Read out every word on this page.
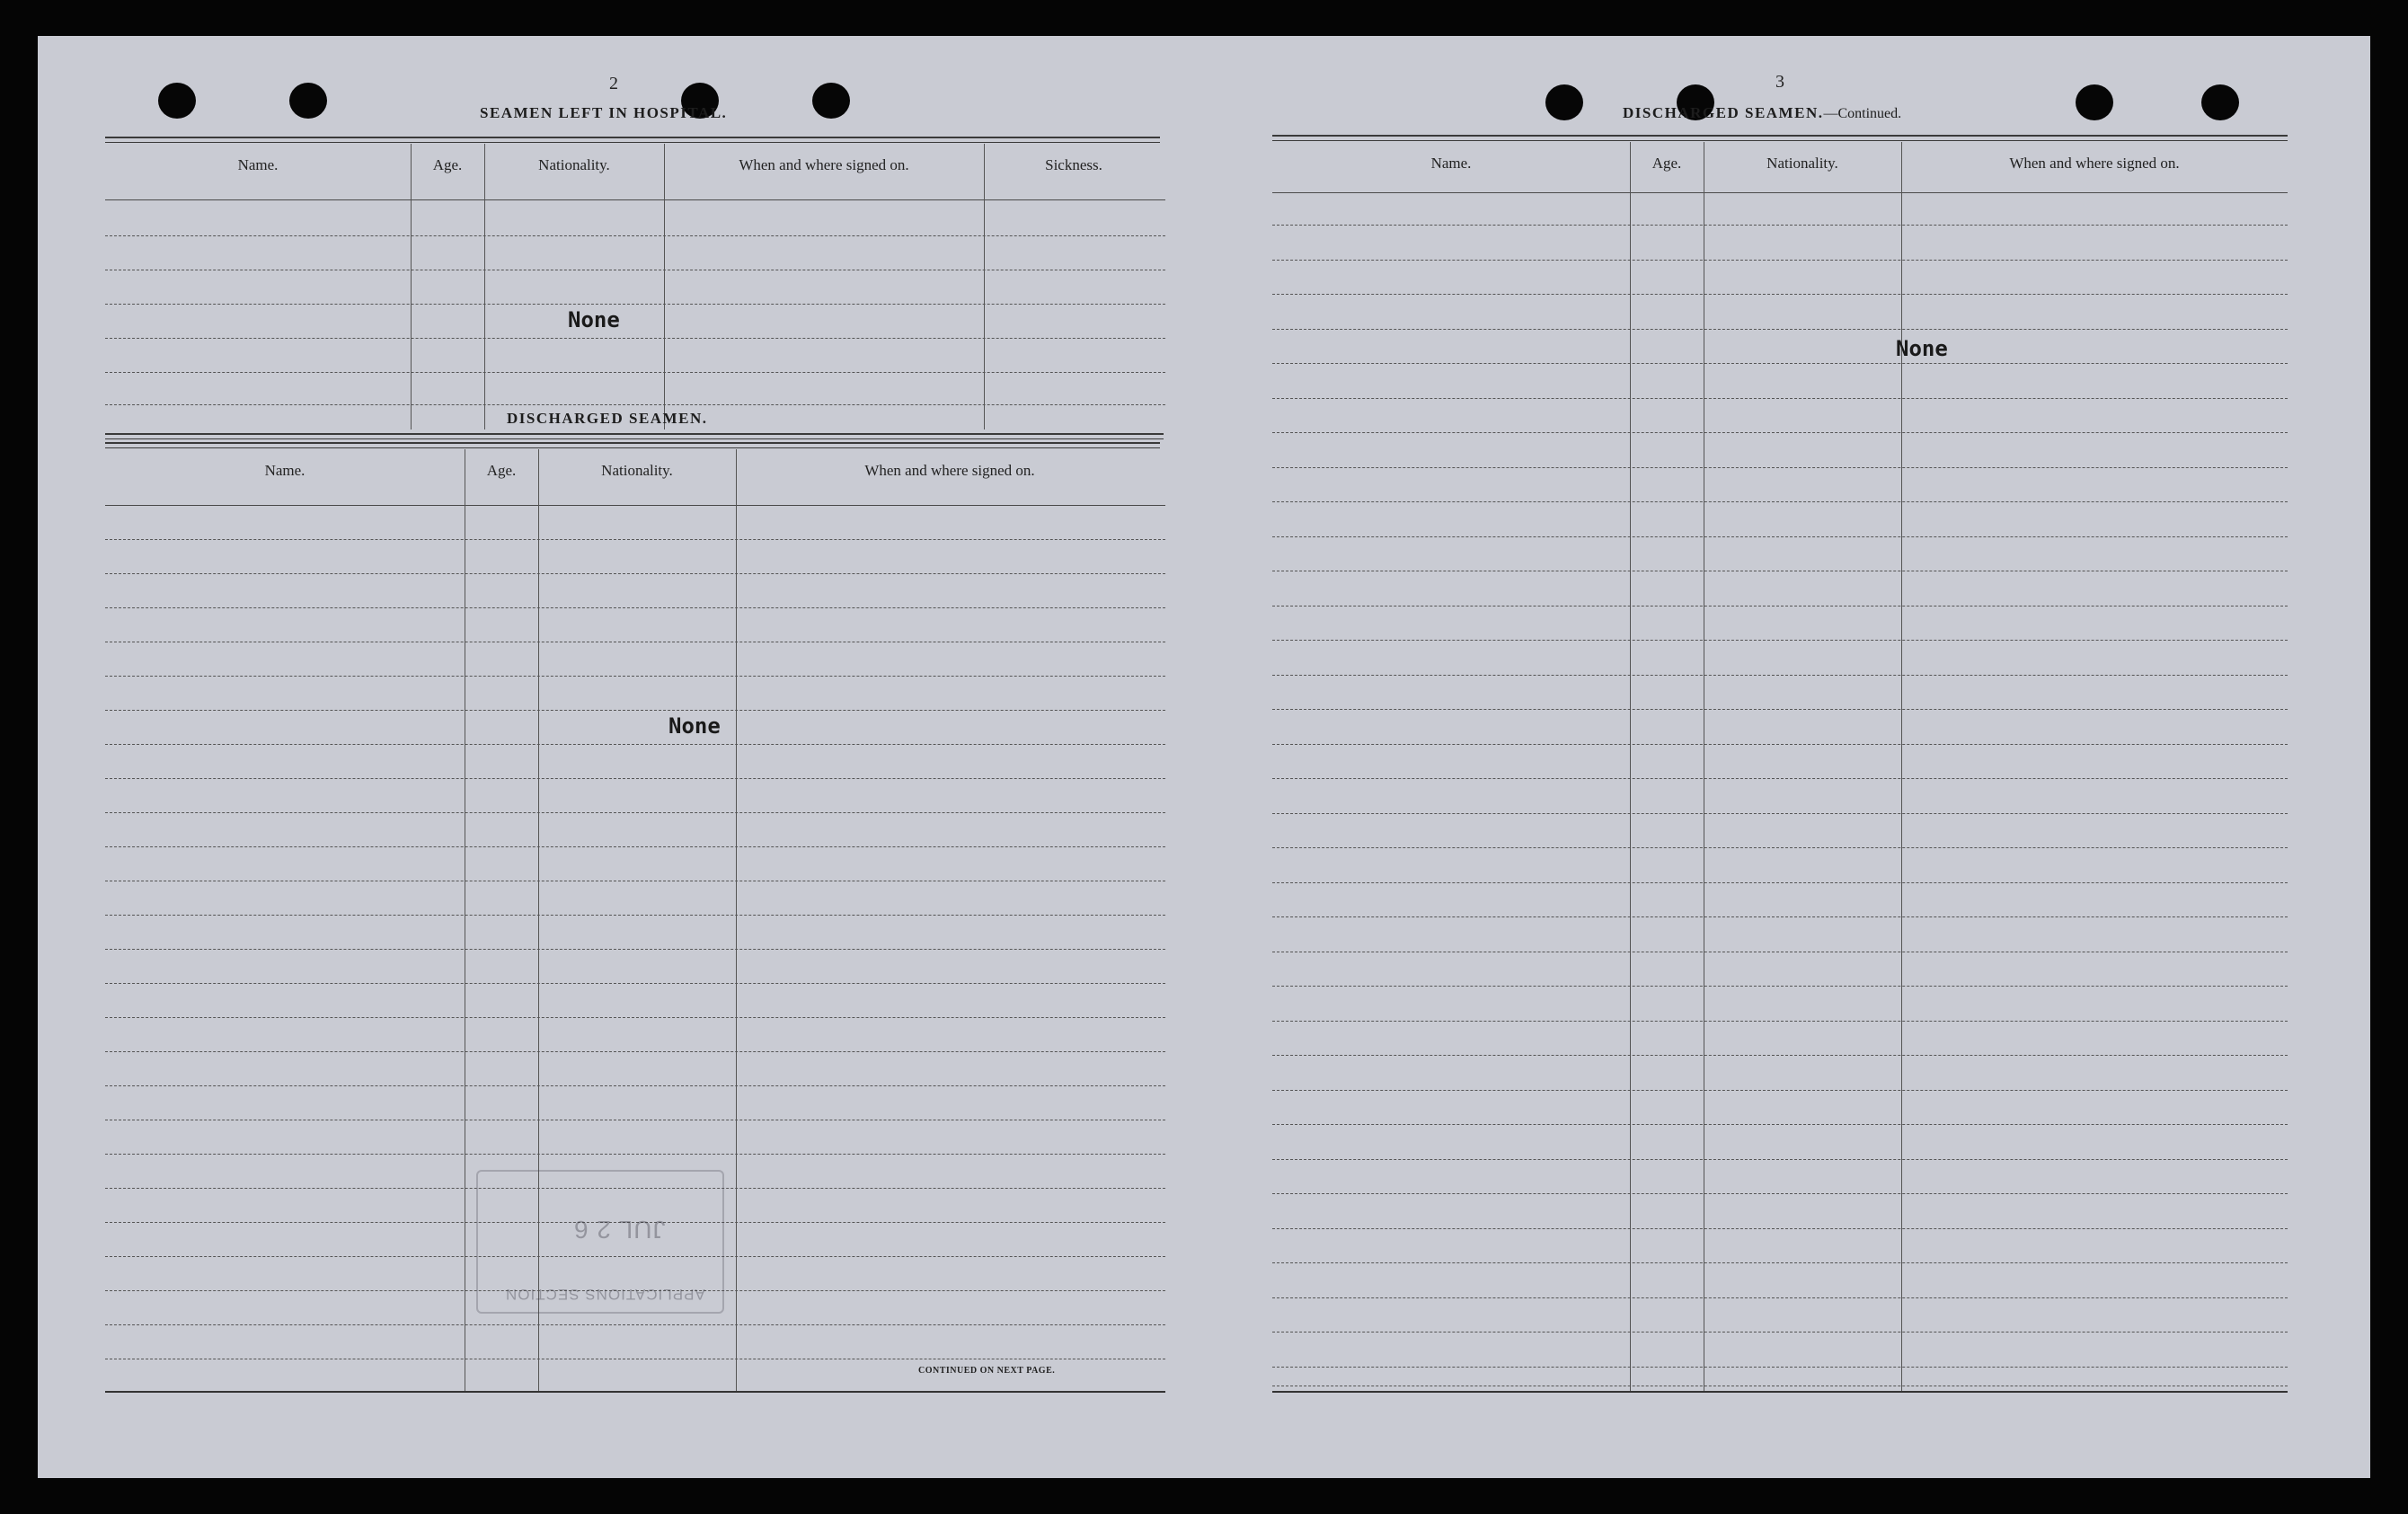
2
SEAMEN LEFT IN HOSPITAL.
Name.	Age.	Nationality.	When and where signed on.	Sickness.
None
DISCHARGED SEAMEN.
Name.	Age.	Nationality.	When and where signed on.
None
JUL 2 6
APPLICATIONS SECTION
CONTINUED ON NEXT PAGE.
3
DISCHARGED SEAMEN.—Continued.
Name.	Age.	Nationality.	When and where signed on.
None
